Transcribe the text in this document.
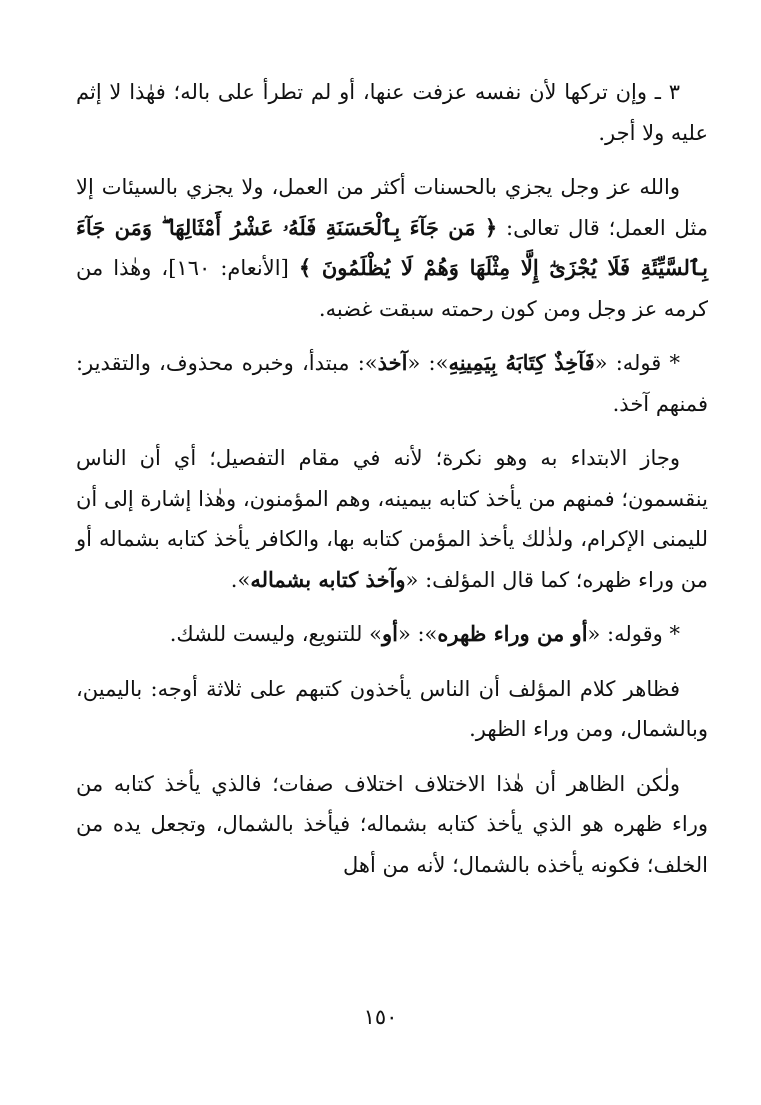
٣ ـ وإن تركها لأن نفسه عزفت عنها، أو لم تطرأ على باله؛ فهٰذا لا إثم عليه ولا أجر.

والله عز وجل يجزي بالحسنات أكثر من العمل، ولا يجزي بالسيئات إلا مثل العمل؛ قال تعالى: ﴿ مَن جَآءَ بِٱلْحَسَنَةِ فَلَهُۥ عَشْرُ أَمْثَالِهَا ۖ وَمَن جَآءَ بِٱلسَّيِّئَةِ فَلَا يُجْزَىٰٓ إِلَّا مِثْلَهَا وَهُمْ لَا يُظْلَمُونَ ﴾ [الأنعام: ١٦٠]، وهٰذا من كرمه عز وجل ومن كون رحمته سبقت غضبه.

* قوله: «فَآخِذٌ كِتَابَهُ بِيَمِينِهِ»: «آخذ»: مبتدأ، وخبره محذوف، والتقدير: فمنهم آخذ.

وجاز الابتداء به وهو نكرة؛ لأنه في مقام التفصيل؛ أي أن الناس ينقسمون؛ فمنهم من يأخذ كتابه بيمينه، وهم المؤمنون، وهٰذا إشارة إلى أن لليمنى الإكرام، ولذٰلك يأخذ المؤمن كتابه بها، والكافر يأخذ كتابه بشماله أو من وراء ظهره؛ كما قال المؤلف: «وآخذ كتابه بشماله».

* وقوله: «أو من وراء ظهره»: «أو» للتنويع، وليست للشك.

فظاهر كلام المؤلف أن الناس يأخذون كتبهم على ثلاثة أوجه: باليمين، وبالشمال، ومن وراء الظهر.

ولٰكن الظاهر أن هٰذا الاختلاف اختلاف صفات؛ فالذي يأخذ كتابه من وراء ظهره هو الذي يأخذ كتابه بشماله؛ فيأخذ بالشمال، وتجعل يده من الخلف؛ فكونه يأخذه بالشمال؛ لأنه من أهل

١٥٠
